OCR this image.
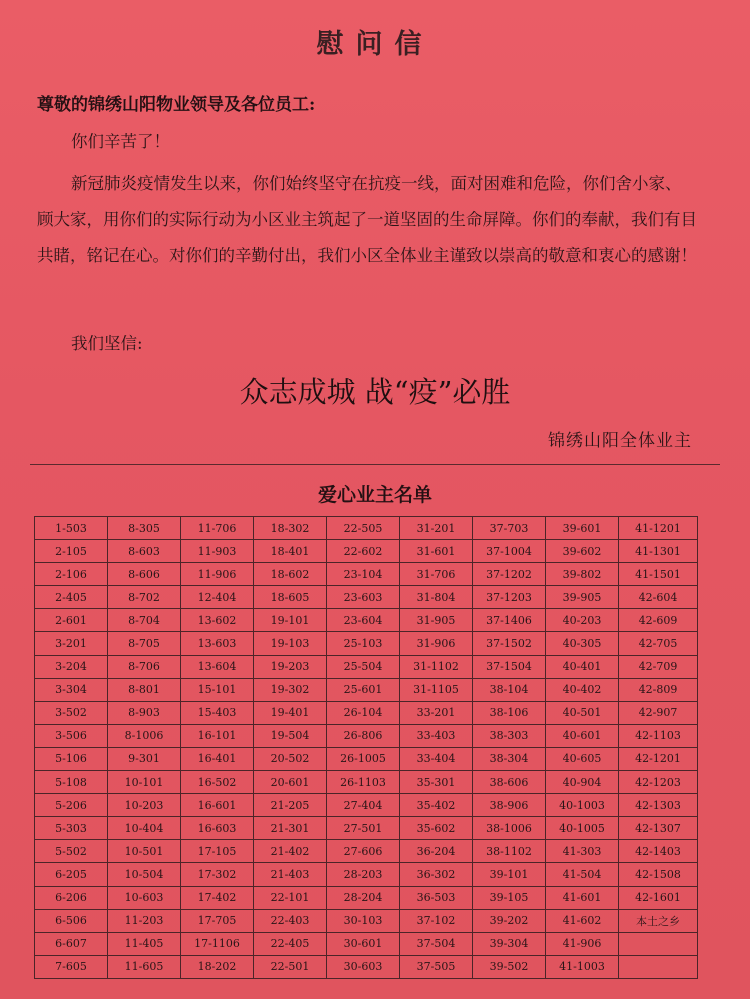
慰问信
尊敬的锦绣山阳物业领导及各位员工:
你们辛苦了！
新冠肺炎疫情发生以来，你们始终坚守在抗疫一线，面对困难和危险，你们舍小家、顾大家，用你们的实际行动为小区业主筑起了一道坚固的生命屏障。你们的奉献，我们有目共睹，铭记在心。对你们的辛勤付出，我们小区全体业主谨致以崇高的敬意和衷心的感谢！
我们坚信:
众志成城 战“疫”必胜
锦绣山阳全体业主
爱心业主名单
1-503	8-305	11-706	18-302	22-505	31-201	37-703	39-601	41-1201
2-105	8-603	11-903	18-401	22-602	31-601	37-1004	39-602	41-1301
2-106	8-606	11-906	18-602	23-104	31-706	37-1202	39-802	41-1501
2-405	8-702	12-404	18-605	23-603	31-804	37-1203	39-905	42-604
2-601	8-704	13-602	19-101	23-604	31-905	37-1406	40-203	42-609
3-201	8-705	13-603	19-103	25-103	31-906	37-1502	40-305	42-705
3-204	8-706	13-604	19-203	25-504	31-1102	37-1504	40-401	42-709
3-304	8-801	15-101	19-302	25-601	31-1105	38-104	40-402	42-809
3-502	8-903	15-403	19-401	26-104	33-201	38-106	40-501	42-907
3-506	8-1006	16-101	19-504	26-806	33-403	38-303	40-601	42-1103
5-106	9-301	16-401	20-502	26-1005	33-404	38-304	40-605	42-1201
5-108	10-101	16-502	20-601	26-1103	35-301	38-606	40-904	42-1203
5-206	10-203	16-601	21-205	27-404	35-402	38-906	40-1003	42-1303
5-303	10-404	16-603	21-301	27-501	35-602	38-1006	40-1005	42-1307
5-502	10-501	17-105	21-402	27-606	36-204	38-1102	41-303	42-1403
6-205	10-504	17-302	21-403	28-203	36-302	39-101	41-504	42-1508
6-206	10-603	17-402	22-101	28-204	36-503	39-105	41-601	42-1601
6-506	11-203	17-705	22-403	30-103	37-102	39-202	41-602	本土之乡
6-607	11-405	17-1106	22-405	30-601	37-504	39-304	41-906	
7-605	11-605	18-202	22-501	30-603	37-505	39-502	41-1003	
